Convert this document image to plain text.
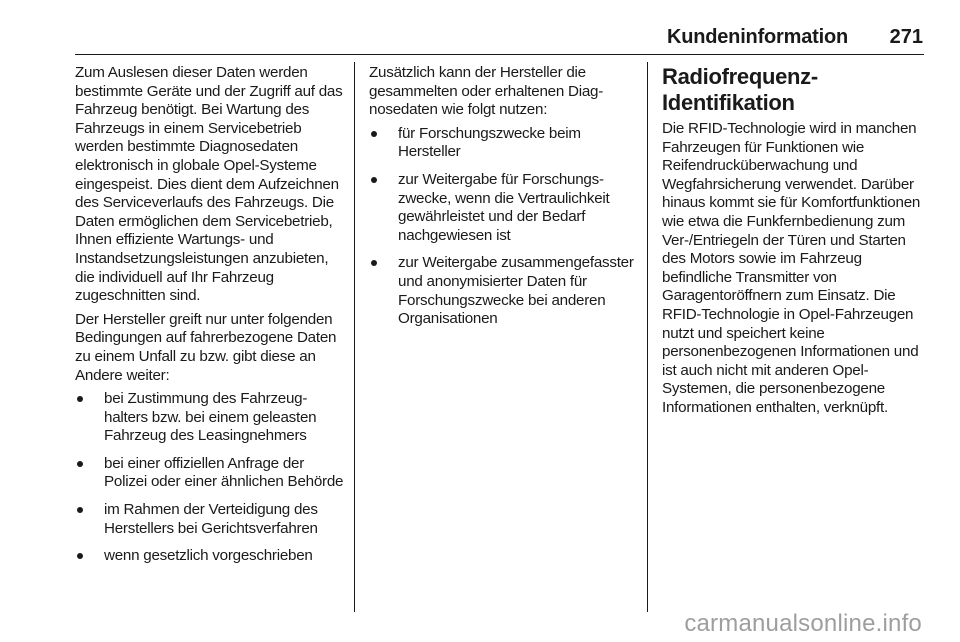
Kundeninformation 271

Zum Auslesen dieser Daten werden bestimmte Geräte und der Zugriff auf das Fahrzeug benötigt. Bei Wartung des Fahrzeugs in einem Servicebetrieb werden bestimmte Diagnosedaten elektronisch in globale Opel-Systeme eingespeist. Dies dient dem Aufzeichnen des Serviceverlaufs des Fahrzeugs. Die Daten ermöglichen dem Servicebetrieb, Ihnen effiziente Wartungs- und Instandsetzungsleistungen anzubieten, die individuell auf Ihr Fahrzeug zugeschnitten sind.

Der Hersteller greift nur unter folgenden Bedingungen auf fahrerbezogene Daten zu einem Unfall zu bzw. gibt diese an Andere weiter:

bei Zustimmung des Fahrzeughalters bzw. bei einem geleasten Fahrzeug des Leasingnehmers
bei einer offiziellen Anfrage der Polizei oder einer ähnlichen Behörde
im Rahmen der Verteidigung des Herstellers bei Gerichtsverfahren
wenn gesetzlich vorgeschrieben

Zusätzlich kann der Hersteller die gesammelten oder erhaltenen Diagnosedaten wie folgt nutzen:

für Forschungszwecke beim Hersteller
zur Weitergabe für Forschungszwecke, wenn die Vertraulichkeit gewährleistet und der Bedarf nachgewiesen ist
zur Weitergabe zusammengefasster und anonymisierter Daten für Forschungszwecke bei anderen Organisationen
Radiofrequenz-Identifikation

Die RFID-Technologie wird in manchen Fahrzeugen für Funktionen wie Reifendrucküberwachung und Wegfahrsicherung verwendet. Darüber hinaus kommt sie für Komfortfunktionen wie etwa die Funkfernbedienung zum Ver-/Entriegeln der Türen und Starten des Motors sowie im Fahrzeug befindliche Transmitter von Garagentoröffnern zum Einsatz. Die RFID-Technologie in Opel-Fahrzeugen nutzt und speichert keine personenbezogenen Informationen und ist auch nicht mit anderen Opel-Systemen, die personenbezogene Informationen enthalten, verknüpft.

carmanualsonline.info
